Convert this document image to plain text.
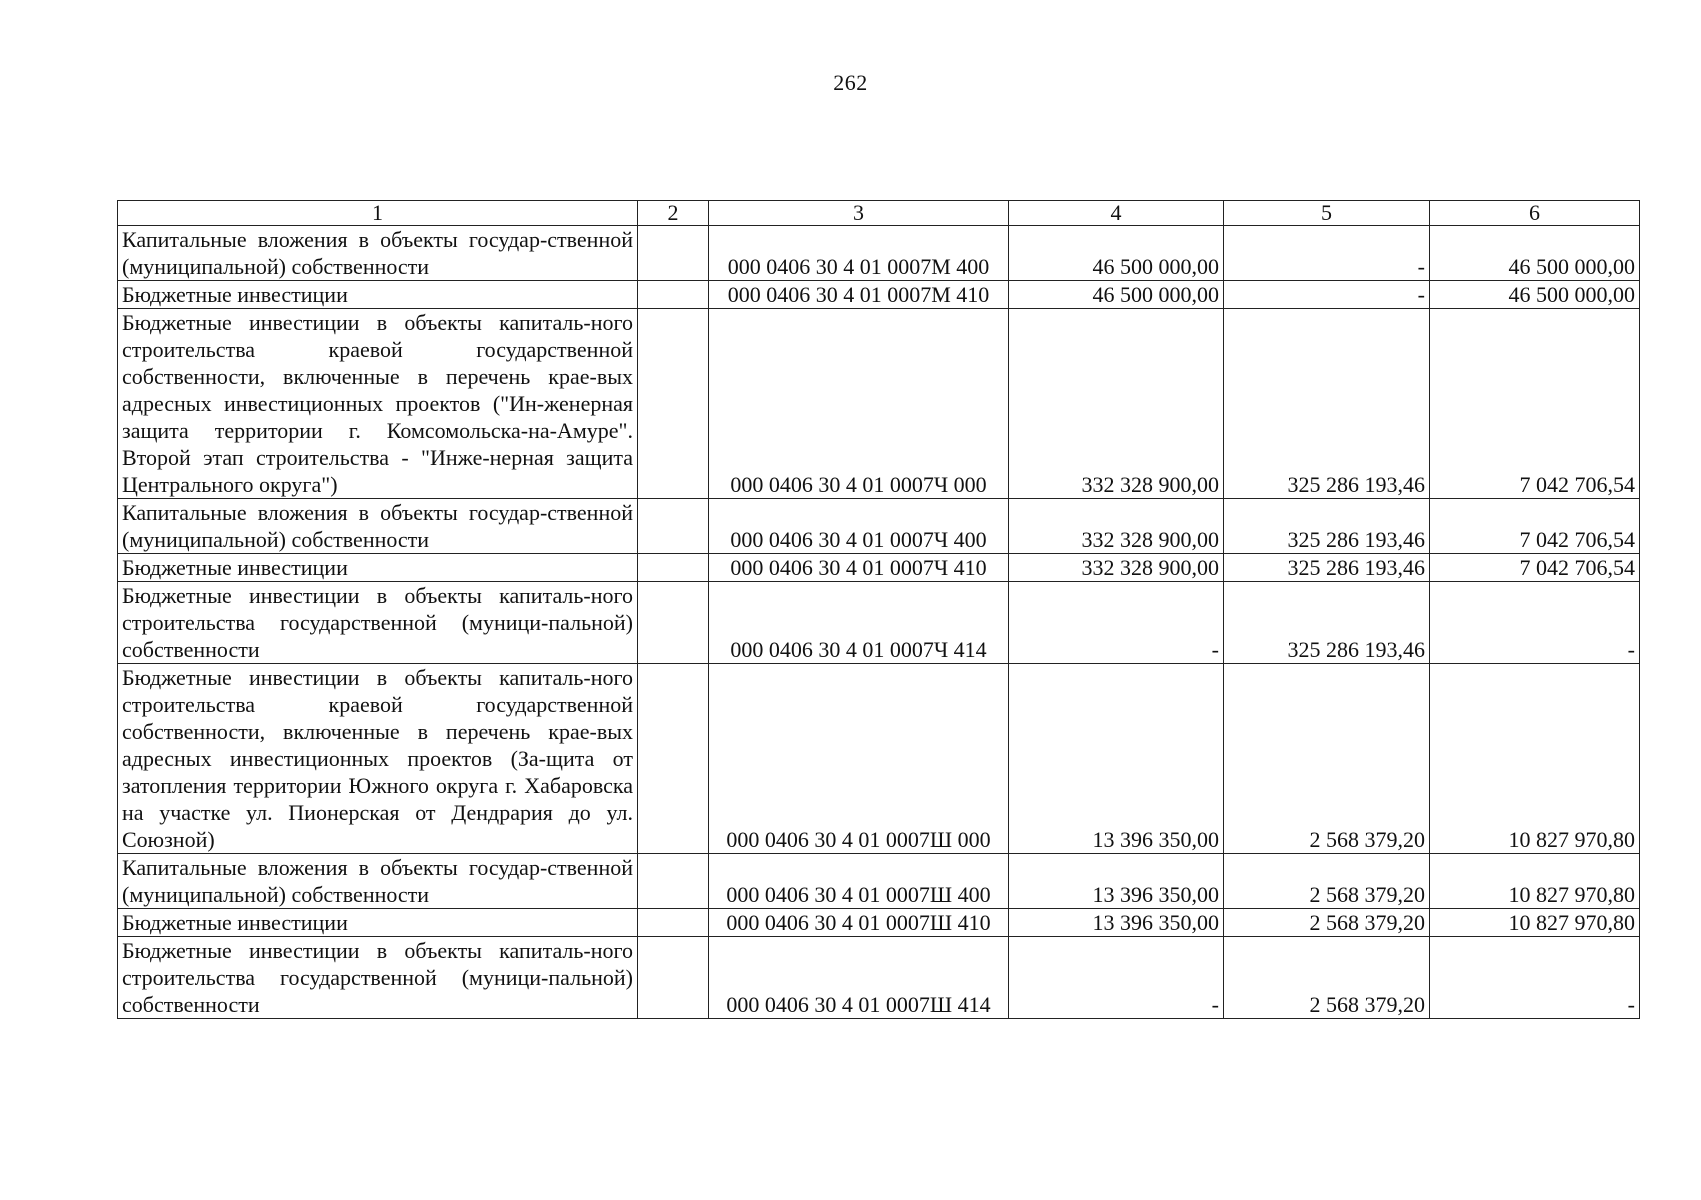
262
1	2	3	4	5	6
Капитальные вложения в объекты государ-ственной (муниципальной) собственности		000 0406 30 4 01 0007М 400	46 500 000,00	-	46 500 000,00
Бюджетные инвестиции		000 0406 30 4 01 0007М 410	46 500 000,00	-	46 500 000,00
Бюджетные инвестиции в объекты капиталь-ного строительства краевой государственной собственности, включенные в перечень крае-вых адресных инвестиционных проектов ("Ин-женерная защита территории г. Комсомольска-на-Амуре". Второй этап строительства - "Инже-нерная защита Центрального округа")		000 0406 30 4 01 0007Ч 000	332 328 900,00	325 286 193,46	7 042 706,54
Капитальные вложения в объекты государ-ственной (муниципальной) собственности		000 0406 30 4 01 0007Ч 400	332 328 900,00	325 286 193,46	7 042 706,54
Бюджетные инвестиции		000 0406 30 4 01 0007Ч 410	332 328 900,00	325 286 193,46	7 042 706,54
Бюджетные инвестиции в объекты капиталь-ного строительства государственной (муници-пальной) собственности		000 0406 30 4 01 0007Ч 414	-	325 286 193,46	-
Бюджетные инвестиции в объекты капиталь-ного строительства краевой государственной собственности, включенные в перечень крае-вых адресных инвестиционных проектов (За-щита от затопления территории Южного округа г. Хабаровска на участке ул. Пионерская от Дендрария до ул. Союзной)		000 0406 30 4 01 0007Ш 000	13 396 350,00	2 568 379,20	10 827 970,80
Капитальные вложения в объекты государ-ственной (муниципальной) собственности		000 0406 30 4 01 0007Ш 400	13 396 350,00	2 568 379,20	10 827 970,80
Бюджетные инвестиции		000 0406 30 4 01 0007Ш 410	13 396 350,00	2 568 379,20	10 827 970,80
Бюджетные инвестиции в объекты капиталь-ного строительства государственной (муници-пальной) собственности		000 0406 30 4 01 0007Ш 414	-	2 568 379,20	-
